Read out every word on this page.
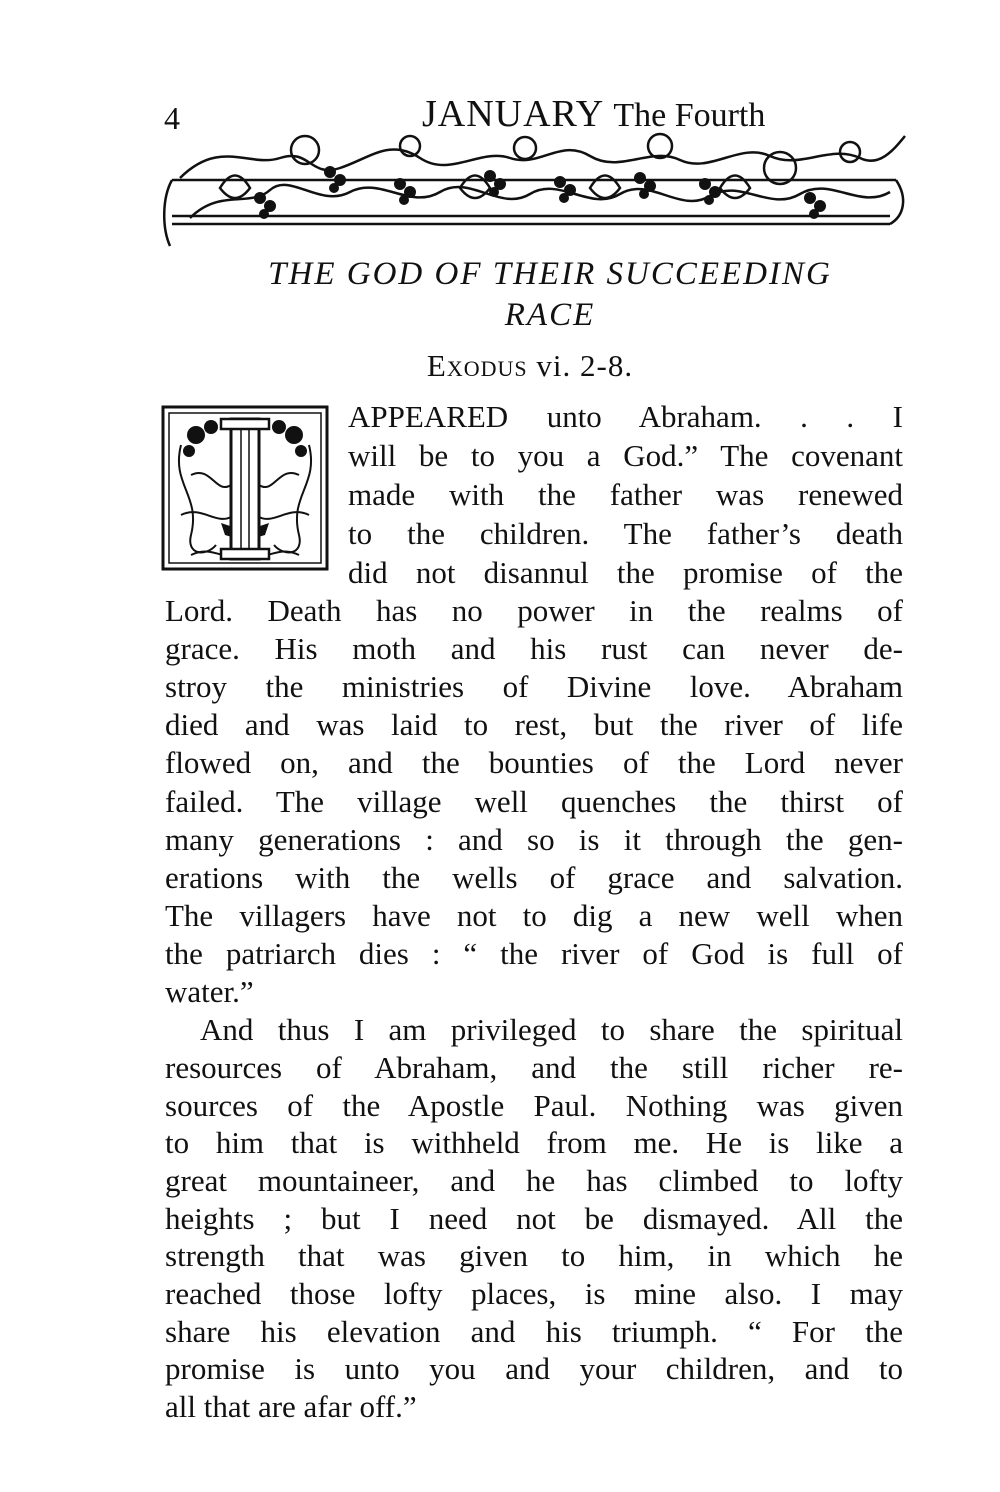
4	JANUARY The Fourth
THE GOD OF THEIR SUCCEEDING
RACE
Exodus vi. 2-8.
I	APPEARED unto Abraham. . . I
will be to you a God.” The covenant
made with the father was renewed
to the children. The father’s death
did not disannul the promise of the
Lord. Death has no power in the realms of
grace. His moth and his rust can never de-
stroy the ministries of Divine love. Abraham
died and was laid to rest, but the river of life
flowed on, and the bounties of the Lord never
failed. The village well quenches the thirst of
many generations : and so is it through the gen-
erations with the wells of grace and salvation.
The villagers have not to dig a new well when
the patriarch dies : “ the river of God is full of
water.”
And thus I am privileged to share the spiritual
resources of Abraham, and the still richer re-
sources of the Apostle Paul. Nothing was given
to him that is withheld from me. He is like a
great mountaineer, and he has climbed to lofty
heights ; but I need not be dismayed. All the
strength that was given to him, in which he
reached those lofty places, is mine also. I may
share his elevation and his triumph. “ For the
promise is unto you and your children, and to
all that are afar off.”
